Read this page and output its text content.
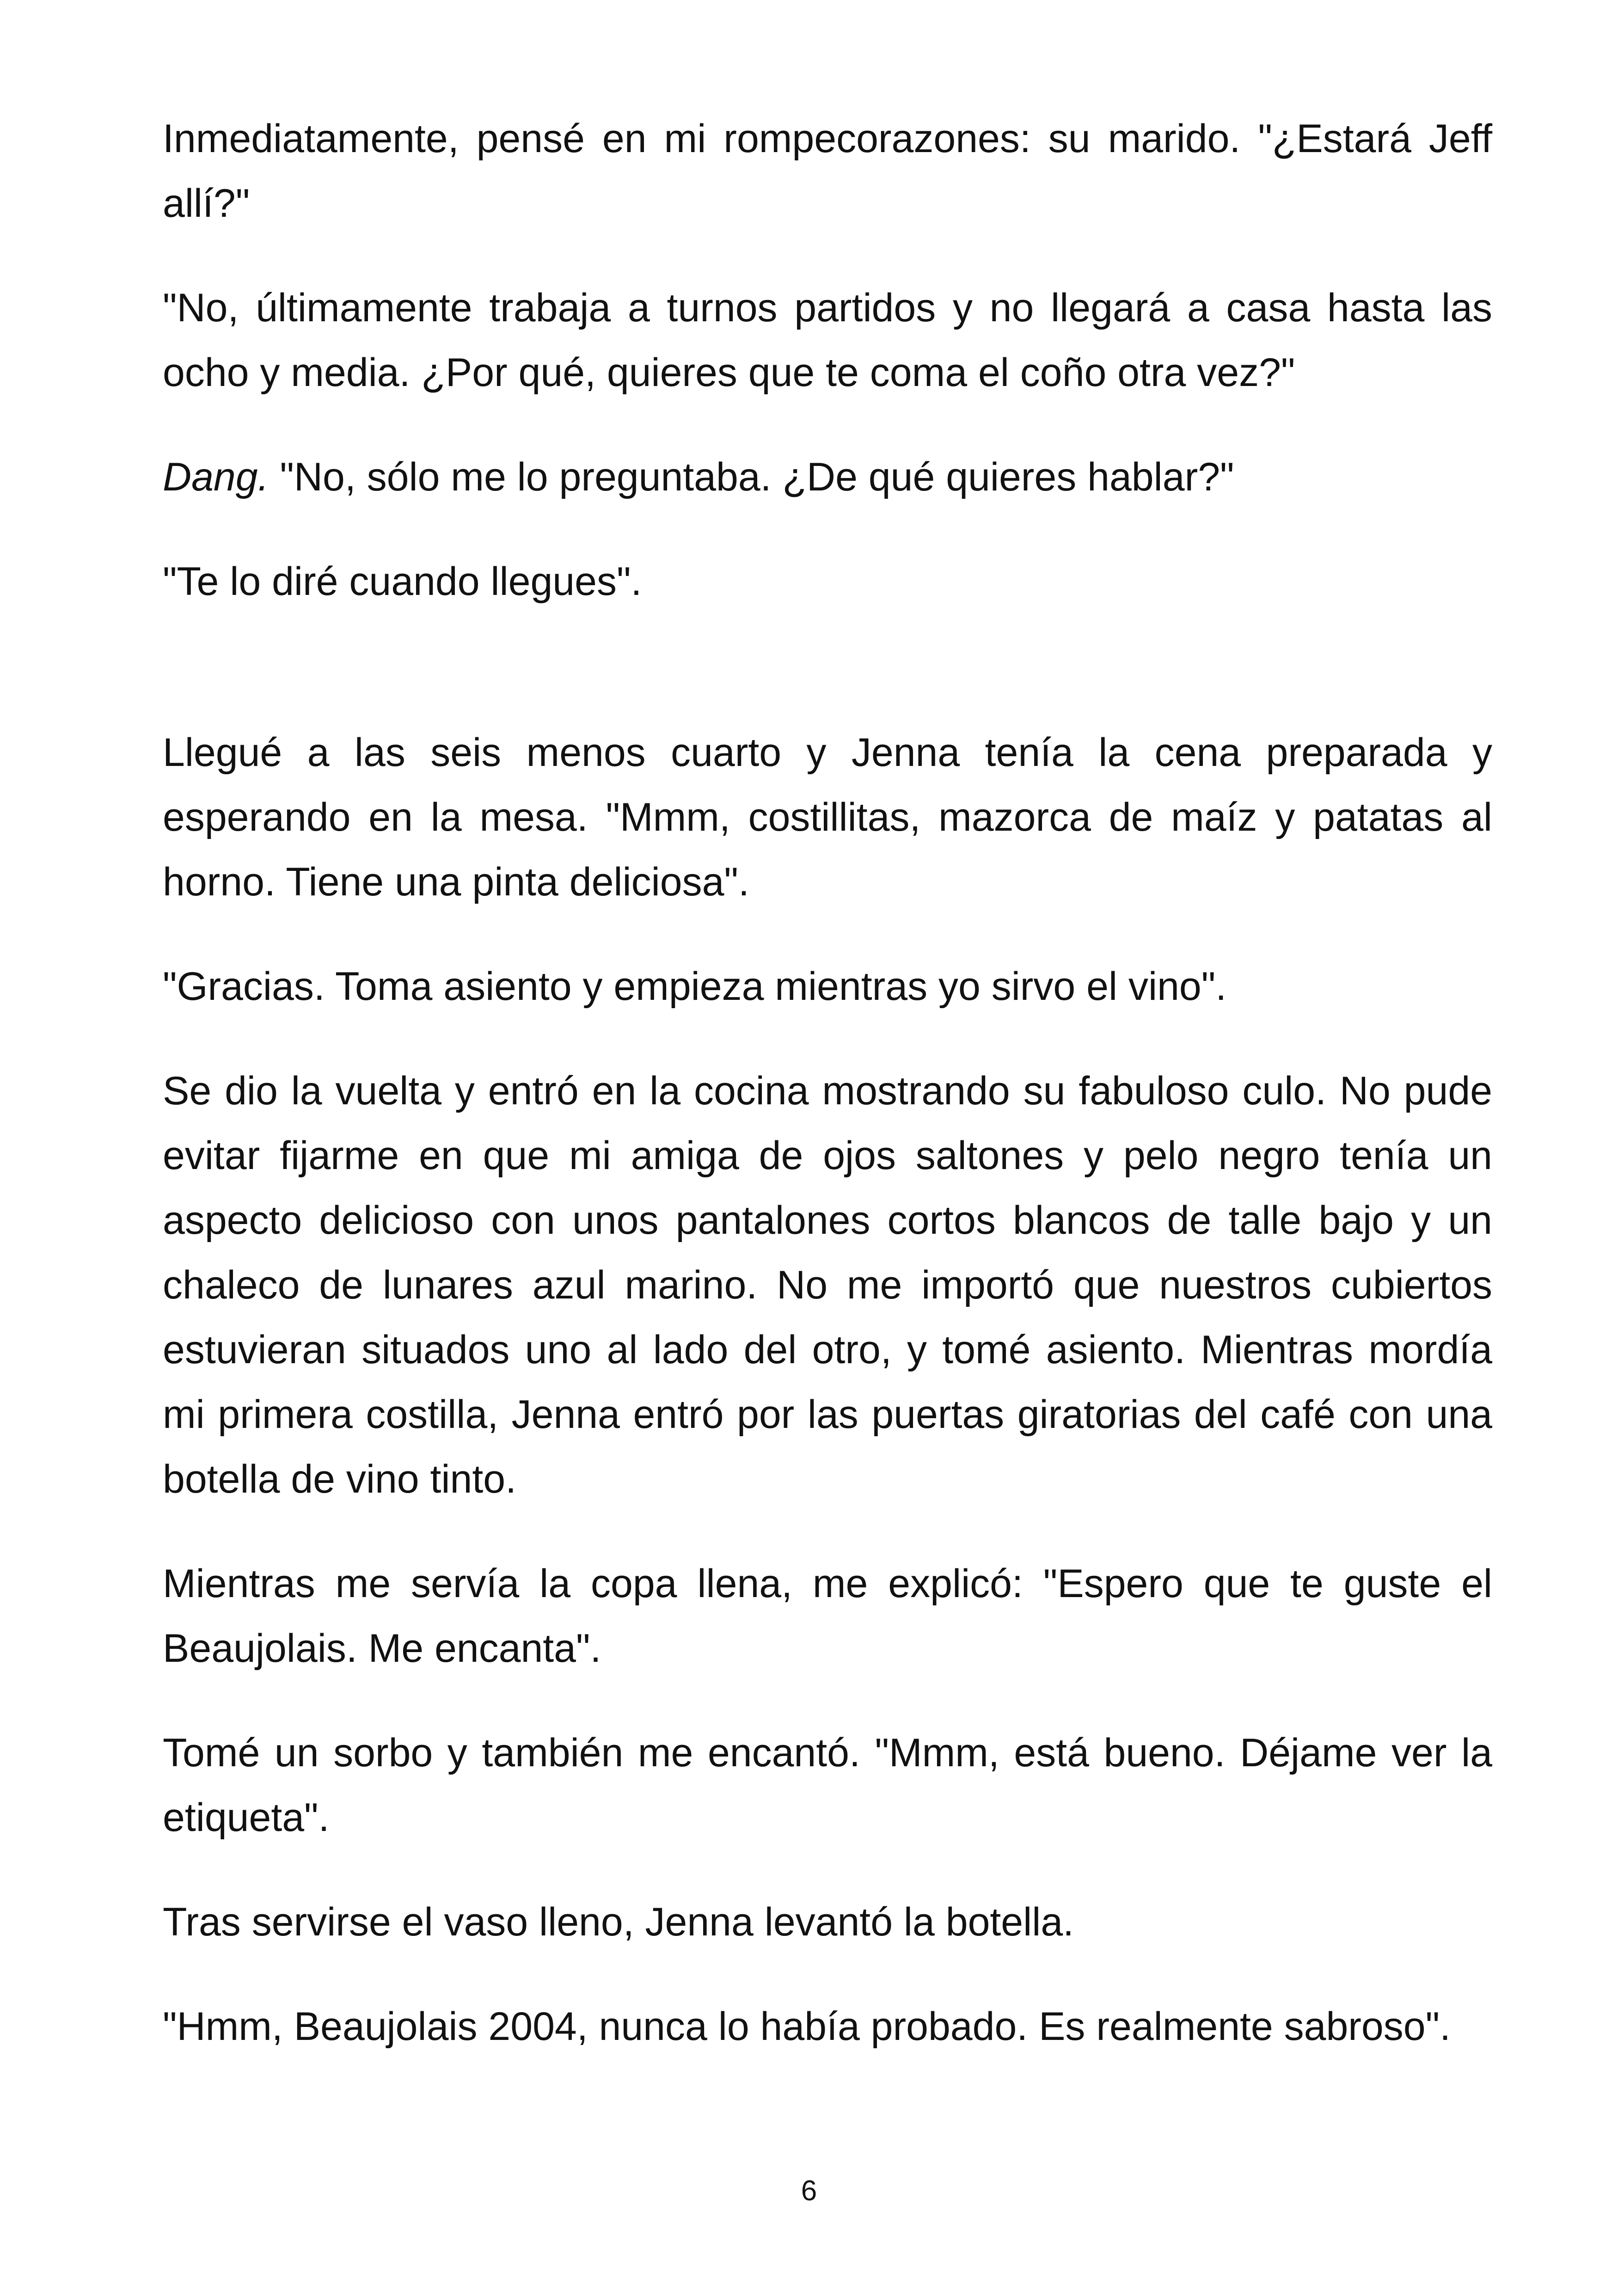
Inmediatamente, pensé en mi rompecorazones: su marido. "¿Estará Jeff allí?"

"No, últimamente trabaja a turnos partidos y no llegará a casa hasta las ocho y media. ¿Por qué, quieres que te coma el coño otra vez?"

Dang. "No, sólo me lo preguntaba. ¿De qué quieres hablar?"

"Te lo diré cuando llegues".

Llegué a las seis menos cuarto y Jenna tenía la cena preparada y esperando en la mesa. "Mmm, costillitas, mazorca de maíz y patatas al horno. Tiene una pinta deliciosa".

"Gracias. Toma asiento y empieza mientras yo sirvo el vino".

Se dio la vuelta y entró en la cocina mostrando su fabuloso culo. No pude evitar fijarme en que mi amiga de ojos saltones y pelo negro tenía un aspecto delicioso con unos pantalones cortos blancos de talle bajo y un chaleco de lunares azul marino. No me importó que nuestros cubiertos estuvieran situados uno al lado del otro, y tomé asiento. Mientras mordía mi primera costilla, Jenna entró por las puertas giratorias del café con una botella de vino tinto.

Mientras me servía la copa llena, me explicó: "Espero que te guste el Beaujolais. Me encanta".

Tomé un sorbo y también me encantó. "Mmm, está bueno. Déjame ver la etiqueta".

Tras servirse el vaso lleno, Jenna levantó la botella.

"Hmm, Beaujolais 2004, nunca lo había probado. Es realmente sabroso".

6
